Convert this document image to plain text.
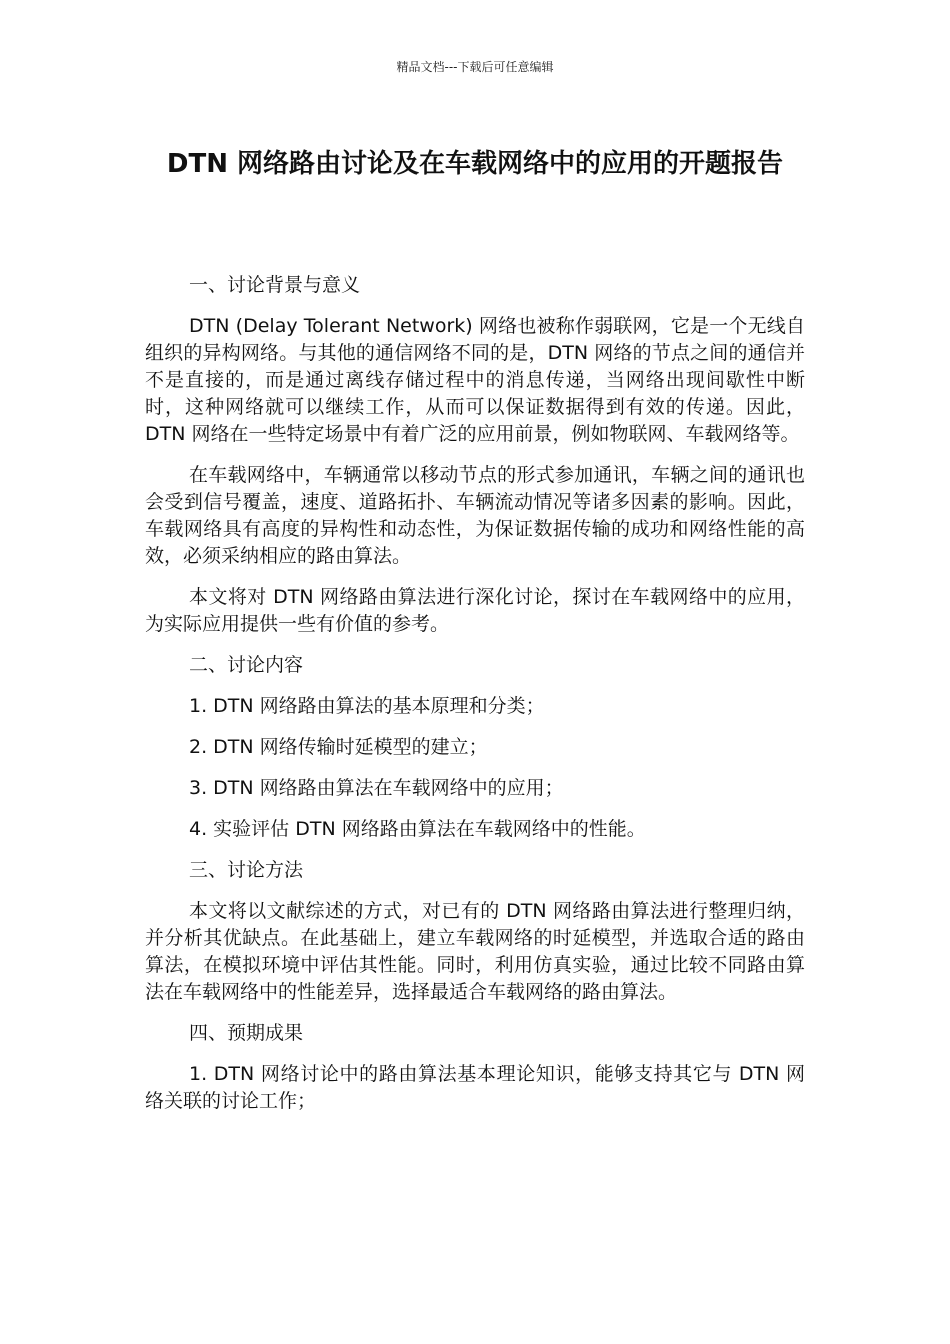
精品文档---下载后可任意编辑
DTN 网络路由讨论及在车载网络中的应用的开题报告

一、讨论背景与意义

DTN (Delay Tolerant Network) 网络也被称作弱联网，它是一个无线自组织的异构网络。与其他的通信网络不同的是，DTN 网络的节点之间的通信并不是直接的，而是通过离线存储过程中的消息传递，当网络出现间歇性中断时，这种网络就可以继续工作，从而可以保证数据得到有效的传递。因此，DTN 网络在一些特定场景中有着广泛的应用前景，例如物联网、车载网络等。

在车载网络中，车辆通常以移动节点的形式参加通讯，车辆之间的通讯也会受到信号覆盖，速度、道路拓扑、车辆流动情况等诸多因素的影响。因此，车载网络具有高度的异构性和动态性，为保证数据传输的成功和网络性能的高效，必须采纳相应的路由算法。

本文将对 DTN 网络路由算法进行深化讨论，探讨在车载网络中的应用，为实际应用提供一些有价值的参考。

二、讨论内容

1. DTN 网络路由算法的基本原理和分类；

2. DTN 网络传输时延模型的建立；

3. DTN 网络路由算法在车载网络中的应用；

4. 实验评估 DTN 网络路由算法在车载网络中的性能。

三、讨论方法

本文将以文献综述的方式，对已有的 DTN 网络路由算法进行整理归纳，并分析其优缺点。在此基础上，建立车载网络的时延模型，并选取合适的路由算法，在模拟环境中评估其性能。同时，利用仿真实验，通过比较不同路由算法在车载网络中的性能差异，选择最适合车载网络的路由算法。

四、预期成果

1. DTN 网络讨论中的路由算法基本理论知识，能够支持其它与 DTN 网络关联的讨论工作；
